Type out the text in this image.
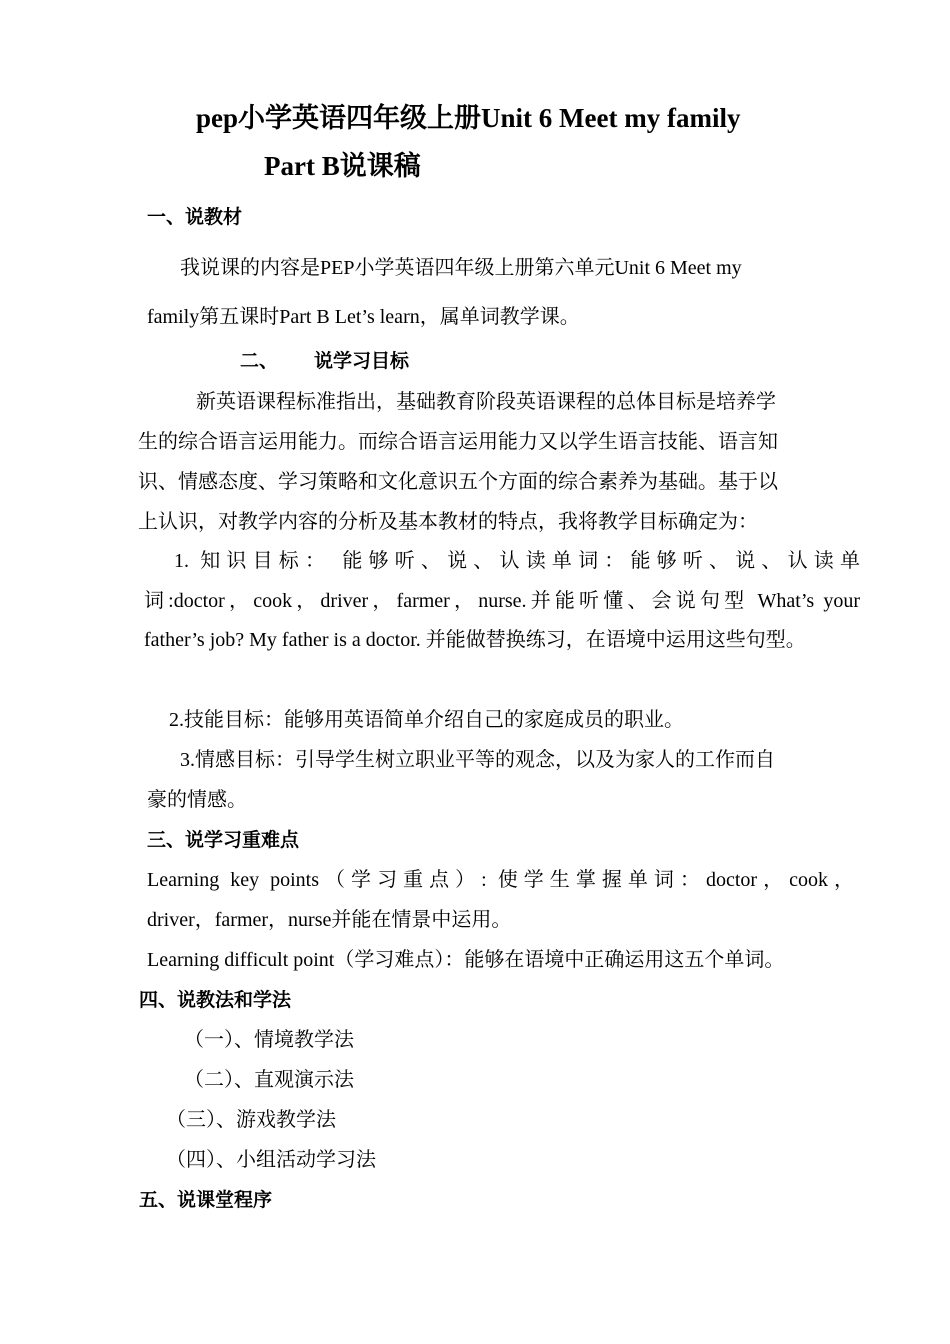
pep小学英语四年级上册Unit 6 Meet my family
Part B说课稿
一、说教材
我说课的内容是PEP小学英语四年级上册第六单元Unit 6 Meet my
family第五课时Part B Let’s learn，属单词教学课。
二、 说学习目标
新英语课程标准指出，基础教育阶段英语课程的总体目标是培养学
生的综合语言运用能力。而综合语言运用能力又以学生语言技能、语言知
识、情感态度、学习策略和文化意识五个方面的综合素养为基础。基于以
上认识，对教学内容的分析及基本教材的特点，我将教学目标确定为：
1. 知识目标： 能够听、说、认读单词：能够听、说、认读单
词:doctor，cook，driver，farmer，nurse.并能听懂、会说句型 What’s your
father’s job? My father is a doctor. 并能做替换练习，在语境中运用这些句型。
2.技能目标：能够用英语简单介绍自己的家庭成员的职业。
3.情感目标：引导学生树立职业平等的观念，以及为家人的工作而自
豪的情感。
三、说学习重难点
Learning key points（学习重点）: 使学生掌握单词：doctor，cook，
driver，farmer，nurse并能在情景中运用。
Learning difficult point（学习难点）：能够在语境中正确运用这五个单词。
四、说教法和学法
（一）、情境教学法
（二）、直观演示法
（三）、游戏教学法
（四）、小组活动学习法
五、说课堂程序
